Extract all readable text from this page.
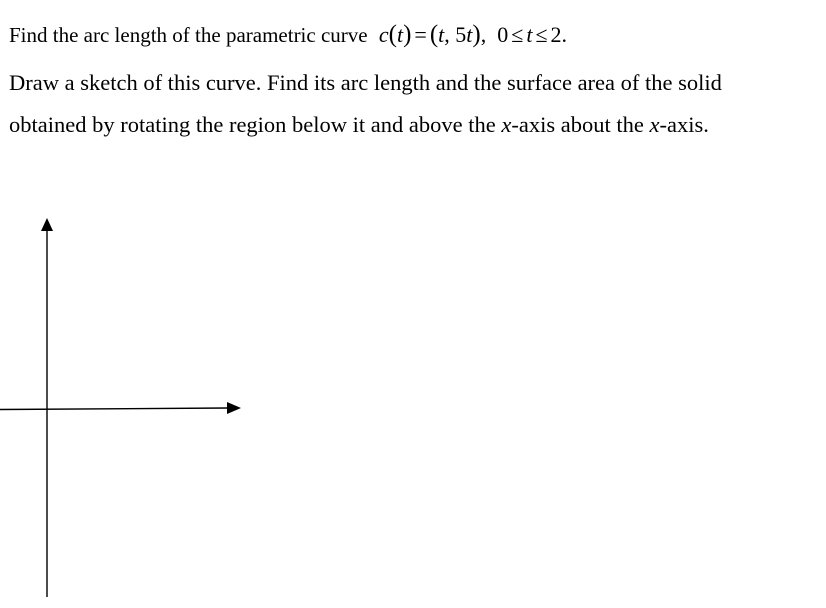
Find the arc length of the parametric curve c(t) = (t, 5t), 0 ≤ t ≤ 2.
Draw a sketch of this curve. Find its arc length and the surface area of the solid
obtained by rotating the region below it and above the x-axis about the x-axis.
